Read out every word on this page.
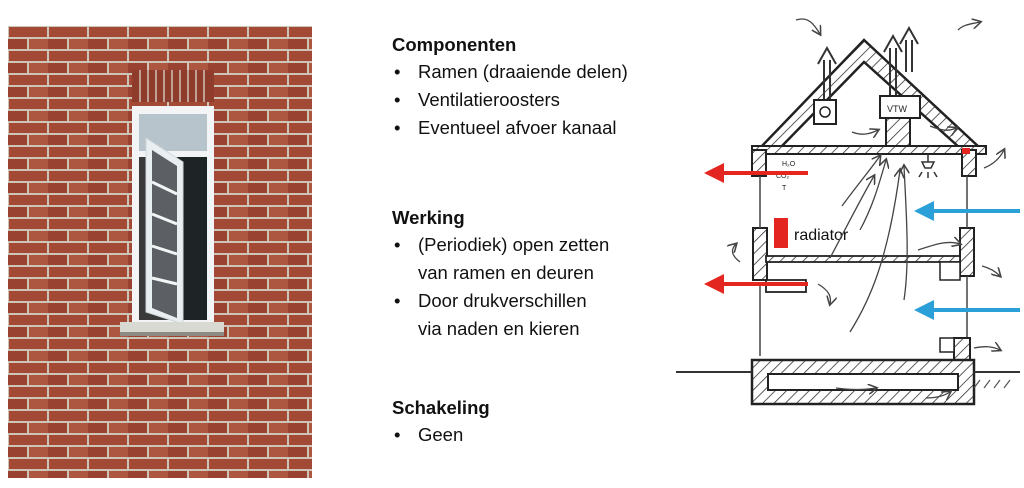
Componenten
• Ramen (draaiende delen)
• Ventilatieroosters
• Eventueel afvoer kanaal
Werking
• (Periodiek) open zetten
van ramen en deuren
• Door drukverschillen
via naden en kieren
Schakeling
• Geen
VTW
H₂O
CO₂
T
radiator
